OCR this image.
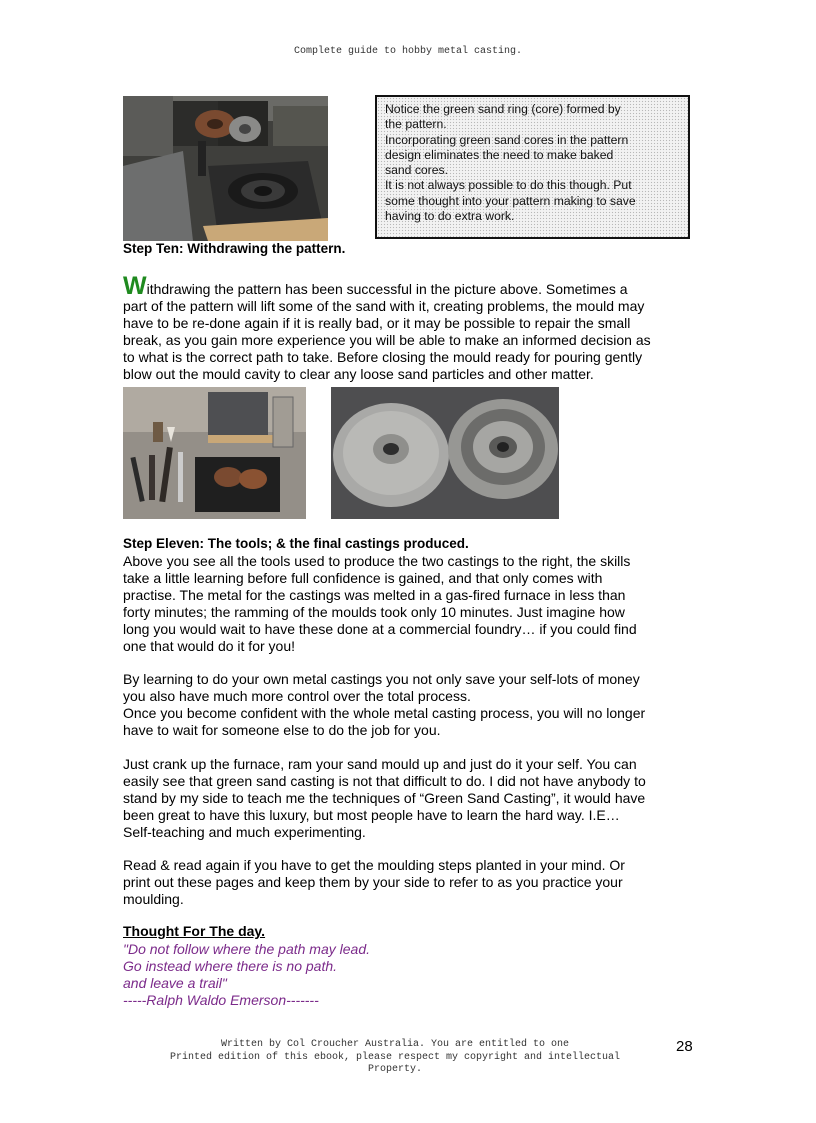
Complete guide to hobby metal casting.
Notice the green sand ring (core) formed by
the pattern.
Incorporating green sand cores in the pattern
design eliminates the need to make baked
sand cores.
It is not always possible to do this though. Put
some thought into your pattern making to save
having to do extra work.
Step Ten: Withdrawing the pattern.
Withdrawing the pattern has been successful in the picture above. Sometimes a
part of the pattern will lift some of the sand with it, creating problems, the mould may
have to be re-done again if it is really bad, or it may be possible to repair the small
break, as you gain more experience you will be able to make an informed decision as
to what is the correct path to take. Before closing the mould ready for pouring gently
blow out the mould cavity to clear any loose sand particles and other matter.
Step Eleven: The tools; & the final castings produced.
Above you see all the tools used to produce the two castings to the right, the skills
take a little learning before full confidence is gained, and that only comes with
practise. The metal for the castings was melted in a gas-fired furnace in less than
forty minutes; the ramming of the moulds took only 10 minutes. Just imagine how
long you would wait to have these done at a commercial foundry… if you could find
one that would do it for you!
By learning to do your own metal castings you not only save your self-lots of money
you also have much more control over the total process.
Once you become confident with the whole metal casting process, you will no longer
have to wait for someone else to do the job for you.
Just crank up the furnace, ram your sand mould up and just do it your self. You can
easily see that green sand casting is not that difficult to do. I did not have anybody to
stand by my side to teach me the techniques of “Green Sand Casting”, it would have
been great to have this luxury, but most people have to learn the hard way. I.E…
Self-teaching and much experimenting.
Read & read again if you have to get the moulding steps planted in your mind. Or
print out these pages and keep them by your side to refer to as you practice your
moulding.
Thought For The day.
"Do not follow where the path may lead.
Go instead where there is no path.
and leave a trail"
-----Ralph Waldo Emerson-------
Written by Col Croucher Australia. You are entitled to one
Printed edition of this ebook, please respect my copyright and intellectual
Property.
28
